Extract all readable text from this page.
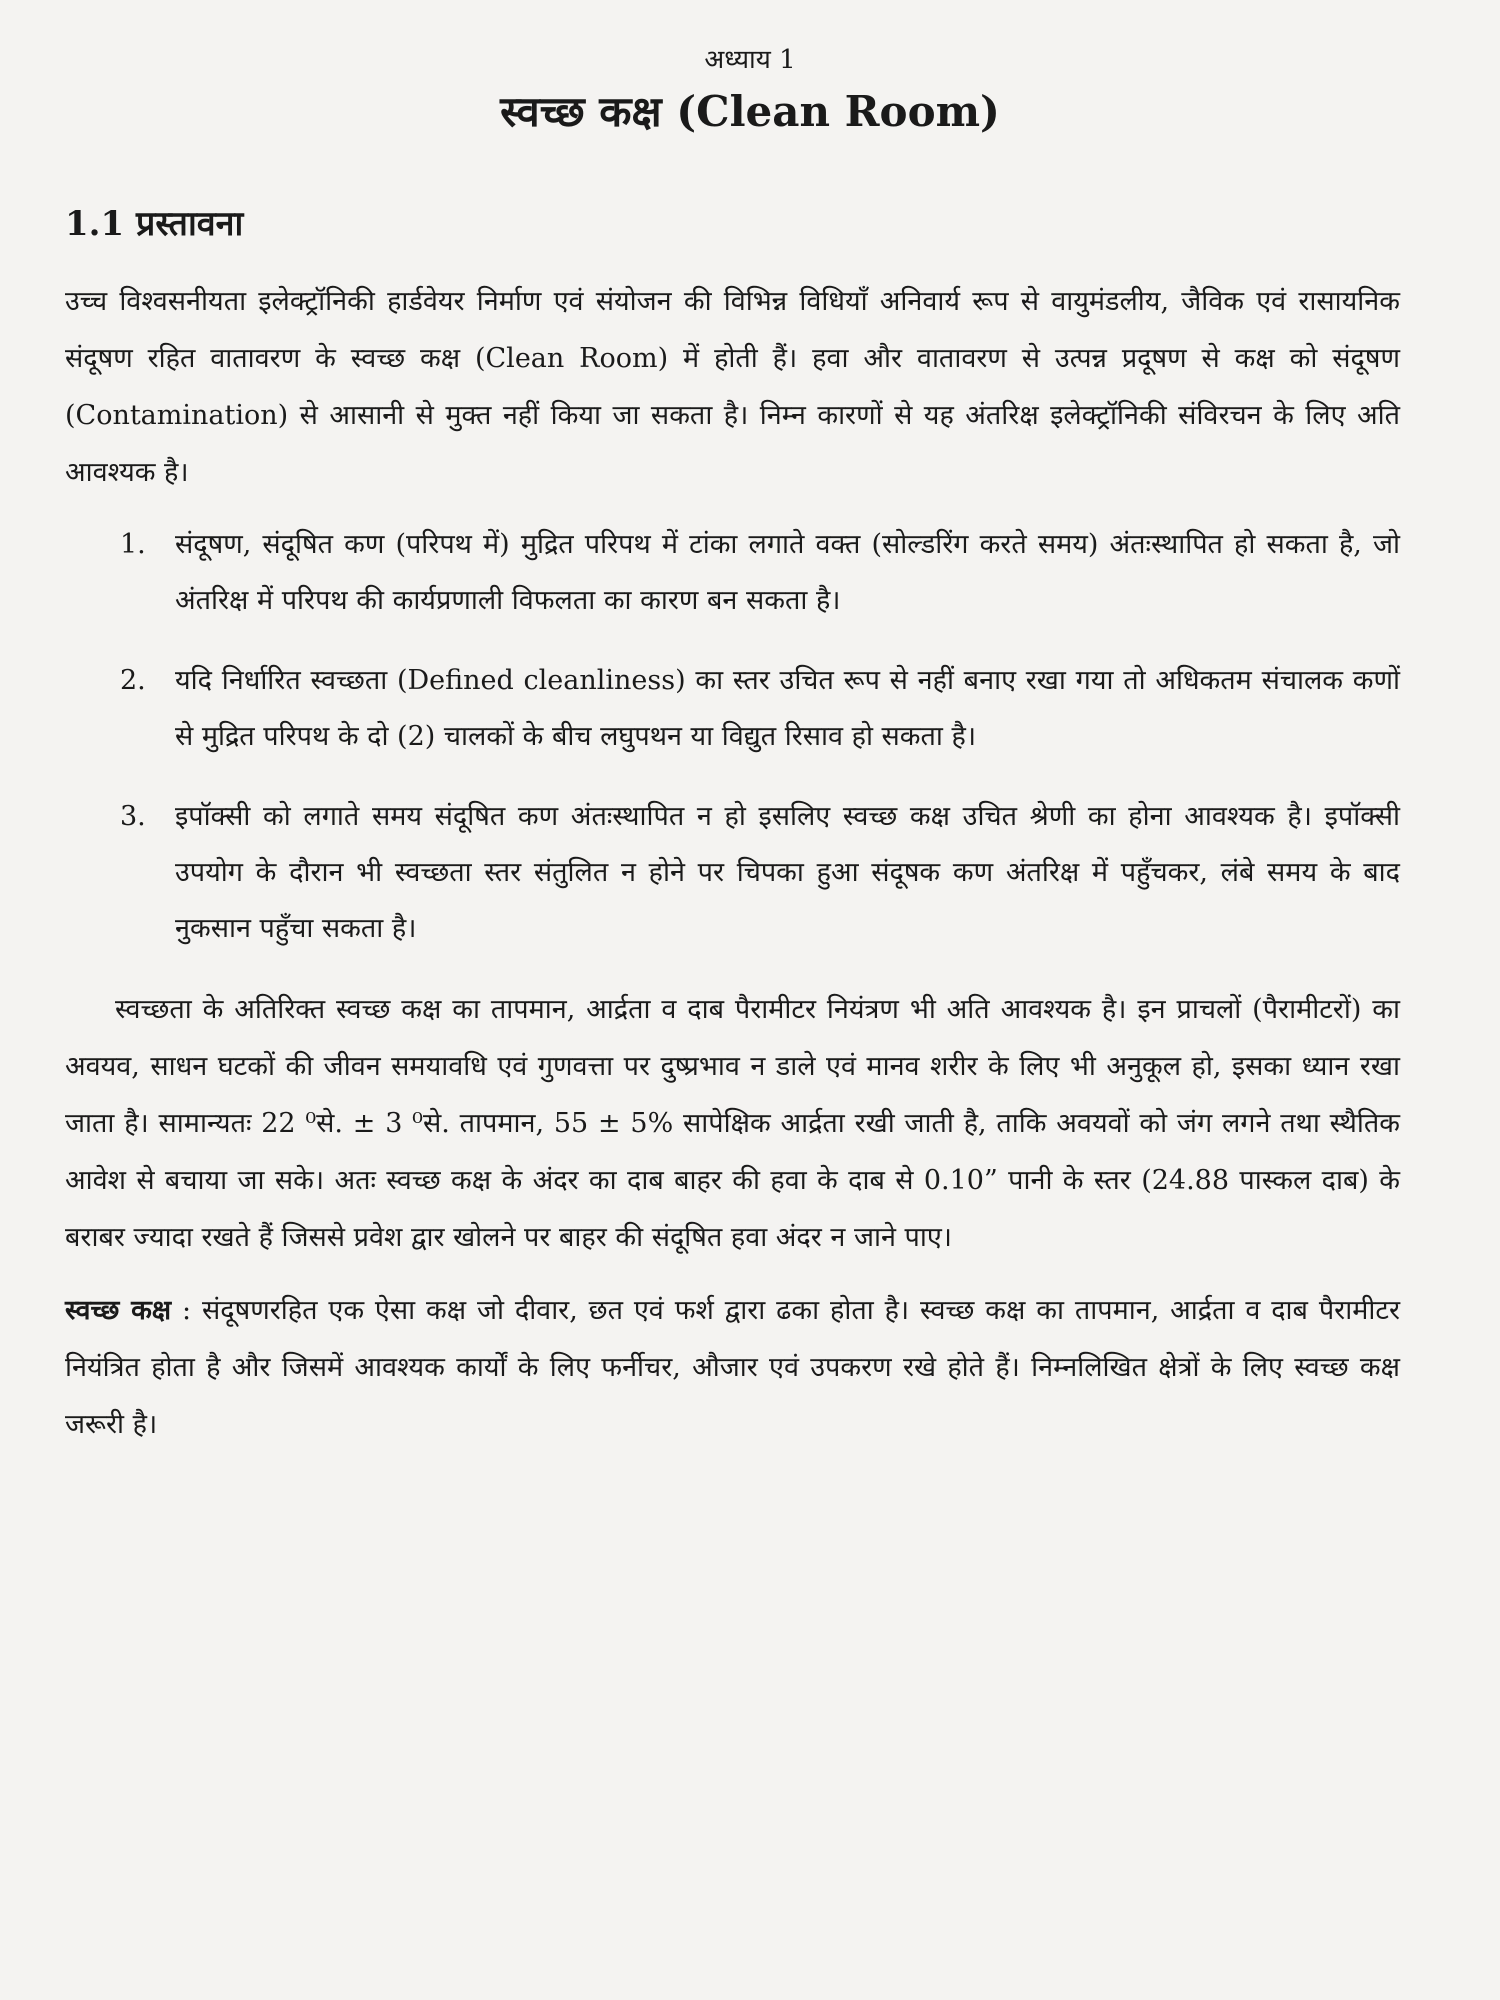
अध्याय 1
स्वच्छ कक्ष (Clean Room)
1.1 प्रस्तावना

उच्च विश्वसनीयता इलेक्ट्रॉनिकी हार्डवेयर निर्माण एवं संयोजन की विभिन्न विधियाँ अनिवार्य रूप से वायुमंडलीय, जैविक एवं रासायनिक संदूषण रहित वातावरण के स्वच्छ कक्ष (Clean Room) में होती हैं। हवा और वातावरण से उत्पन्न प्रदूषण से कक्ष को संदूषण (Contamination) से आसानी से मुक्त नहीं किया जा सकता है। निम्न कारणों से यह अंतरिक्ष इलेक्ट्रॉनिकी संविरचन के लिए अति आवश्यक है।

1.	संदूषण, संदूषित कण (परिपथ में) मुद्रित परिपथ में टांका लगाते वक्त (सोल्डरिंग करते समय) अंतःस्थापित हो सकता है, जो अंतरिक्ष में परिपथ की कार्यप्रणाली विफलता का कारण बन सकता है।
2.	यदि निर्धारित स्वच्छता (Defined cleanliness) का स्तर उचित रूप से नहीं बनाए रखा गया तो अधिकतम संचालक कणों से मुद्रित परिपथ के दो (2) चालकों के बीच लघुपथन या विद्युत रिसाव हो सकता है।
3.	इपॉक्सी को लगाते समय संदूषित कण अंतःस्थापित न हो इसलिए स्वच्छ कक्ष उचित श्रेणी का होना आवश्यक है। इपॉक्सी उपयोग के दौरान भी स्वच्छता स्तर संतुलित न होने पर चिपका हुआ संदूषक कण अंतरिक्ष में पहुँचकर, लंबे समय के बाद नुकसान पहुँचा सकता है।

स्वच्छता के अतिरिक्त स्वच्छ कक्ष का तापमान, आर्द्रता व दाब पैरामीटर नियंत्रण भी अति आवश्यक है। इन प्राचलों (पैरामीटरों) का अवयव, साधन घटकों की जीवन समयावधि एवं गुणवत्ता पर दुष्प्रभाव न डाले एवं मानव शरीर के लिए भी अनुकूल हो, इसका ध्यान रखा जाता है। सामान्यतः 22 ⁰से. ± 3 ⁰से. तापमान, 55 ± 5% सापेक्षिक आर्द्रता रखी जाती है, ताकि अवयवों को जंग लगने तथा स्थैतिक आवेश से बचाया जा सके। अतः स्वच्छ कक्ष के अंदर का दाब बाहर की हवा के दाब से 0.10” पानी के स्तर (24.88 पास्कल दाब) के बराबर ज्यादा रखते हैं जिससे प्रवेश द्वार खोलने पर बाहर की संदूषित हवा अंदर न जाने पाए।

स्वच्छ कक्ष : संदूषणरहित एक ऐसा कक्ष जो दीवार, छत एवं फर्श द्वारा ढका होता है। स्वच्छ कक्ष का तापमान, आर्द्रता व दाब पैरामीटर नियंत्रित होता है और जिसमें आवश्यक कार्यों के लिए फर्नीचर, औजार एवं उपकरण रखे होते हैं। निम्नलिखित क्षेत्रों के लिए स्वच्छ कक्ष जरूरी है।
